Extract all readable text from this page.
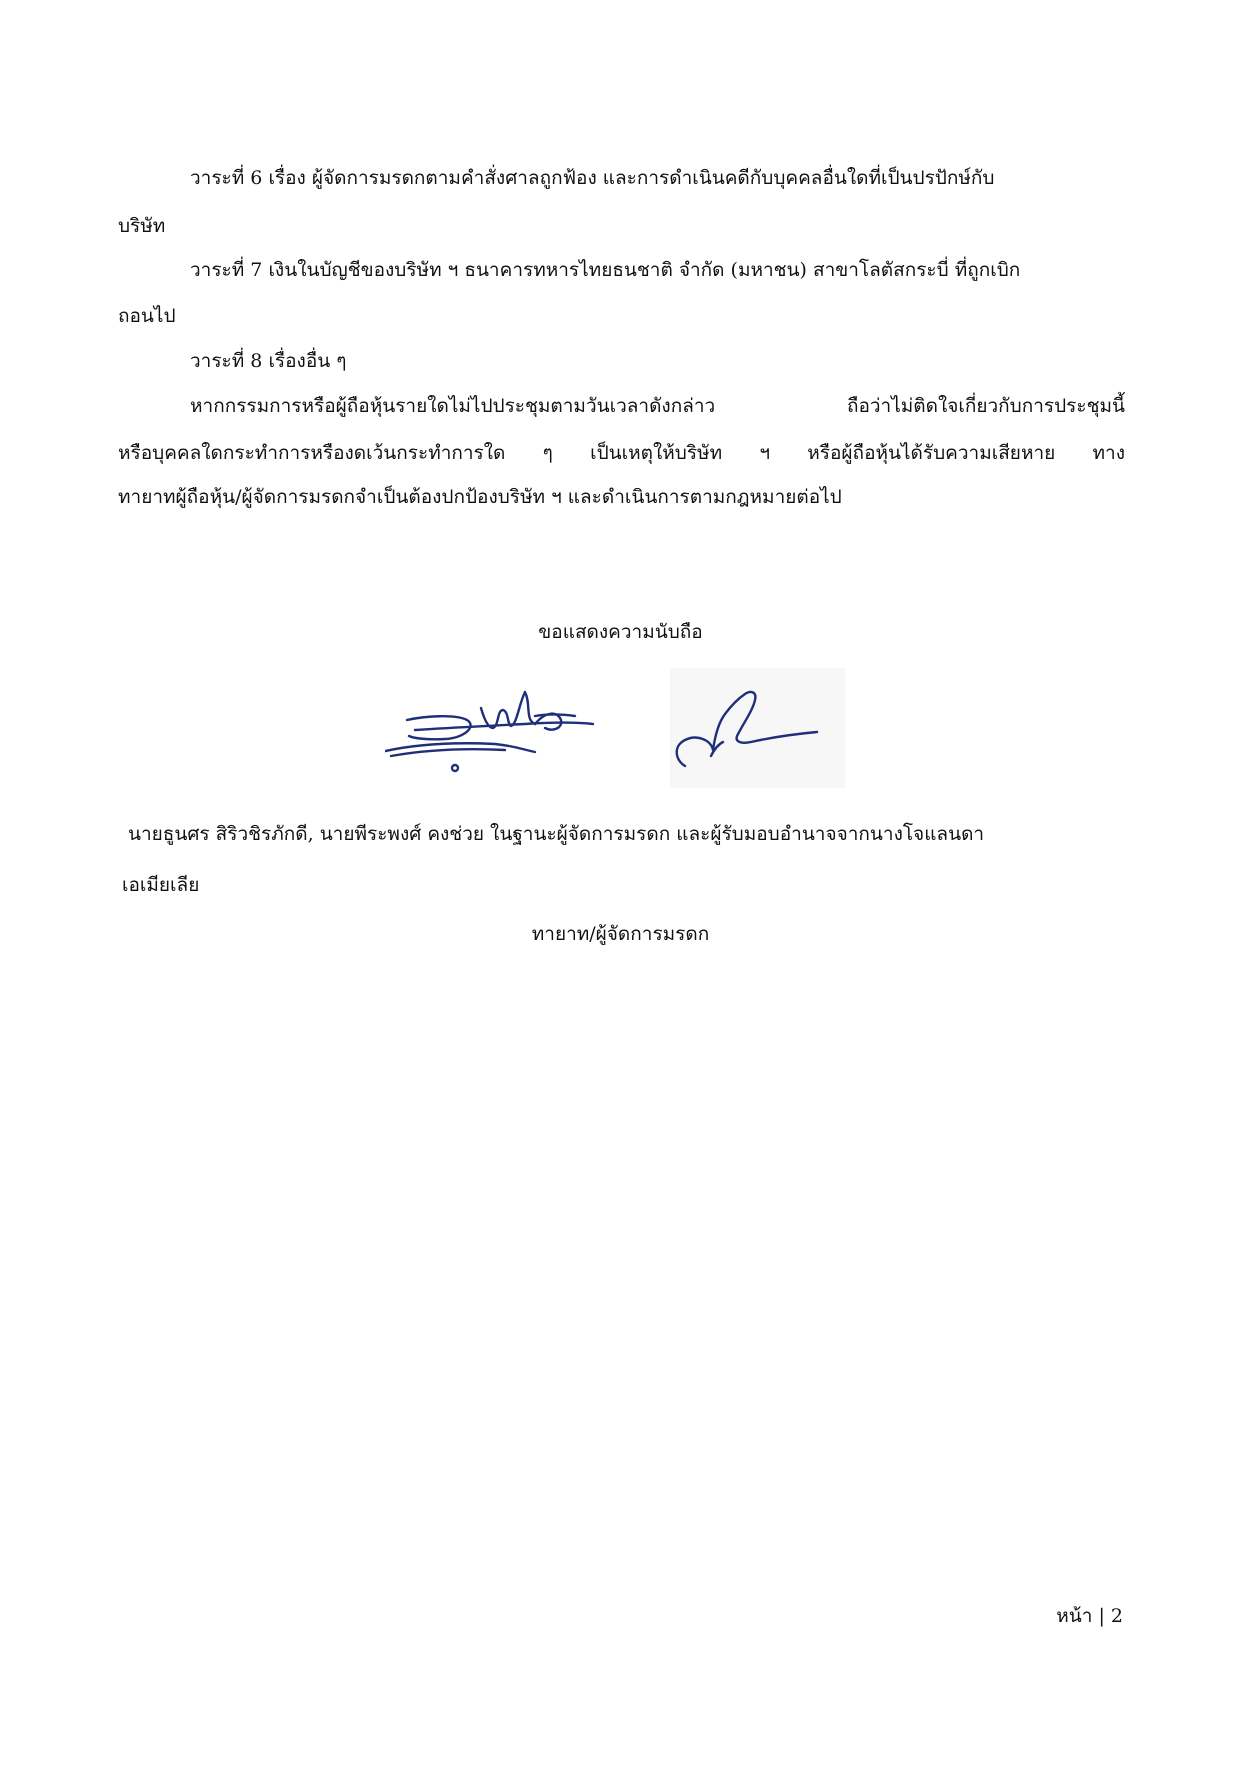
วาระที่ 6 เรื่อง ผู้จัดการมรดกตามคำสั่งศาลถูกฟ้อง และการดำเนินคดีกับบุคคลอื่นใดที่เป็นปรปักษ์กับ
บริษัท
วาระที่ 7 เงินในบัญชีของบริษัท ฯ ธนาคารทหารไทยธนชาติ จำกัด (มหาชน) สาขาโลตัสกระบี่ ที่ถูกเบิก
ถอนไป
วาระที่ 8 เรื่องอื่น ๆ
หากกรรมการหรือผู้ถือหุ้นรายใดไม่ไปประชุมตามวันเวลาดังกล่าว ถือว่าไม่ติดใจเกี่ยวกับการประชุมนี้
หรือบุคคลใดกระทำการหรืองดเว้นกระทำการใด ๆ เป็นเหตุให้บริษัท ฯ หรือผู้ถือหุ้นได้รับความเสียหาย ทาง
ทายาทผู้ถือหุ้น/ผู้จัดการมรดกจำเป็นต้องปกป้องบริษัท ฯ และดำเนินการตามกฎหมายต่อไป
ขอแสดงความนับถือ
นายธูนศร สิริวชิรภักดี, นายพีระพงศ์ คงช่วย ในฐานะผู้จัดการมรดก และผู้รับมอบอำนาจจากนางโจแลนดา
เอเมียเลีย
ทายาท/ผู้จัดการมรดก
หน้า | 2
